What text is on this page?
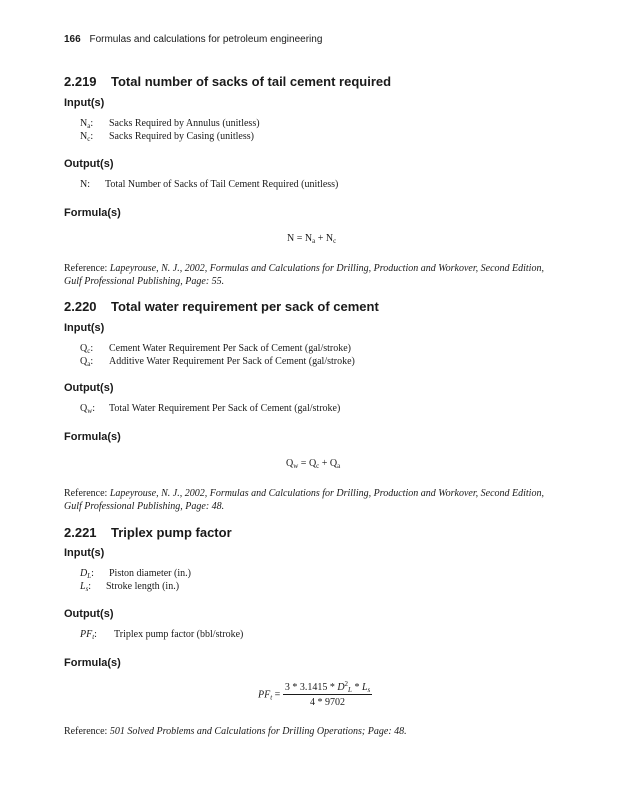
166 Formulas and calculations for petroleum engineering
2.219 Total number of sacks of tail cement required
Input(s)
$N_a$: Sacks Required by Annulus (unitless)
$N_c$: Sacks Required by Casing (unitless)
Output(s)
N: Total Number of Sacks of Tail Cement Required (unitless)
Formula(s)
$N = N_a + N_c$
Reference: Lapeyrouse, N. J., 2002, Formulas and Calculations for Drilling, Production and Workover, Second Edition, Gulf Professional Publishing, Page: 55.
2.220 Total water requirement per sack of cement
Input(s)
$Q_c$: Cement Water Requirement Per Sack of Cement (gal/stroke)
$Q_a$: Additive Water Requirement Per Sack of Cement (gal/stroke)
Output(s)
$Q_w$: Total Water Requirement Per Sack of Cement (gal/stroke)
Formula(s)
$Q_w = Q_c + Q_a$
Reference: Lapeyrouse, N. J., 2002, Formulas and Calculations for Drilling, Production and Workover, Second Edition, Gulf Professional Publishing, Page: 48.
2.221 Triplex pump factor
Input(s)
$D_L$: Piston diameter (in.)
$L_s$: Stroke length (in.)
Output(s)
$PF_t$: Triplex pump factor (bbl/stroke)
Formula(s)
$PF_t = \frac{3 * 3.1415 * D^2_L * L_s}{4 * 9702}$
Reference: 501 Solved Problems and Calculations for Drilling Operations; Page: 48.
